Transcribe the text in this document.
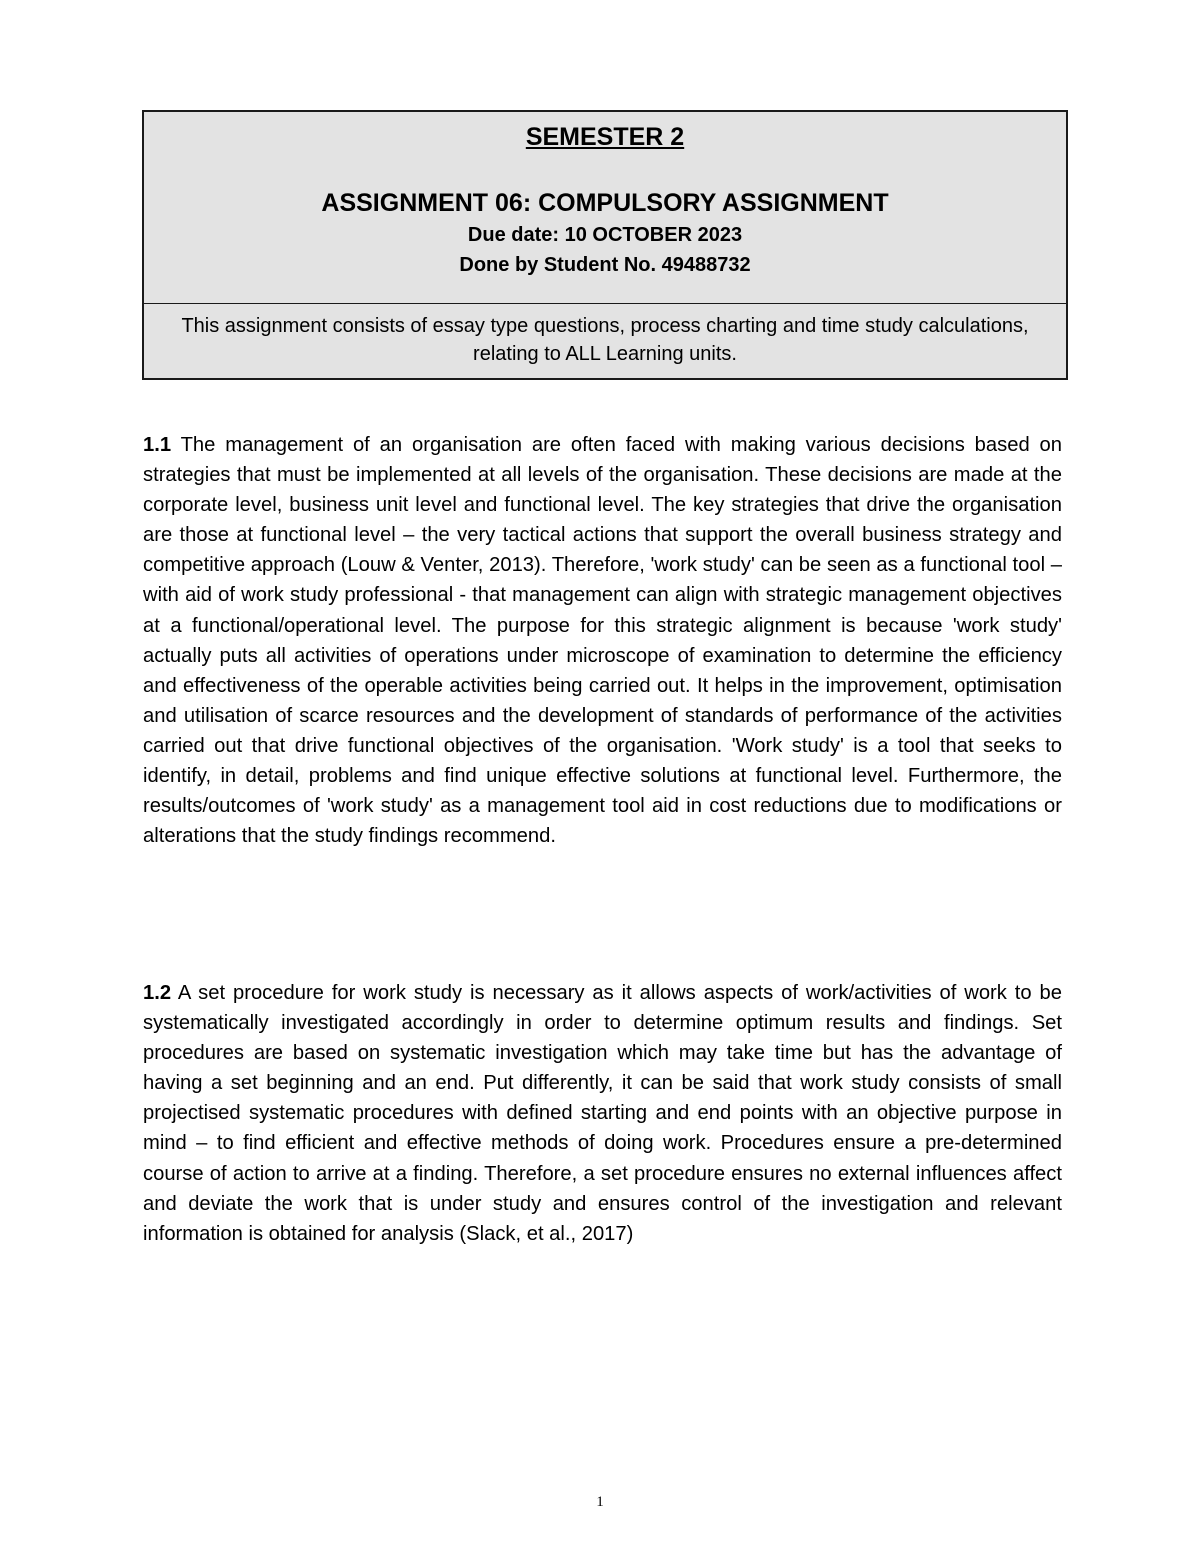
SEMESTER 2
ASSIGNMENT 06: COMPULSORY ASSIGNMENT
Due date: 10 OCTOBER 2023
Done by Student No. 49488732
This assignment consists of essay type questions, process charting and time study calculations, relating to ALL Learning units.
1.1 The management of an organisation are often faced with making various decisions based on strategies that must be implemented at all levels of the organisation. These decisions are made at the corporate level, business unit level and functional level. The key strategies that drive the organisation are those at functional level – the very tactical actions that support the overall business strategy and competitive approach (Louw & Venter, 2013). Therefore, 'work study' can be seen as a functional tool – with aid of work study professional - that management can align with strategic management objectives at a functional/operational level. The purpose for this strategic alignment is because 'work study' actually puts all activities of operations under microscope of examination to determine the efficiency and effectiveness of the operable activities being carried out. It helps in the improvement, optimisation and utilisation of scarce resources and the development of standards of performance of the activities carried out that drive functional objectives of the organisation. 'Work study' is a tool that seeks to identify, in detail, problems and find unique effective solutions at functional level. Furthermore, the results/outcomes of 'work study' as a management tool aid in cost reductions due to modifications or alterations that the study findings recommend.
1.2 A set procedure for work study is necessary as it allows aspects of work/activities of work to be systematically investigated accordingly in order to determine optimum results and findings. Set procedures are based on systematic investigation which may take time but has the advantage of having a set beginning and an end. Put differently, it can be said that work study consists of small projectised systematic procedures with defined starting and end points with an objective purpose in mind – to find efficient and effective methods of doing work. Procedures ensure a pre-determined course of action to arrive at a finding. Therefore, a set procedure ensures no external influences affect and deviate the work that is under study and ensures control of the investigation and relevant information is obtained for analysis (Slack, et al., 2017)
1
